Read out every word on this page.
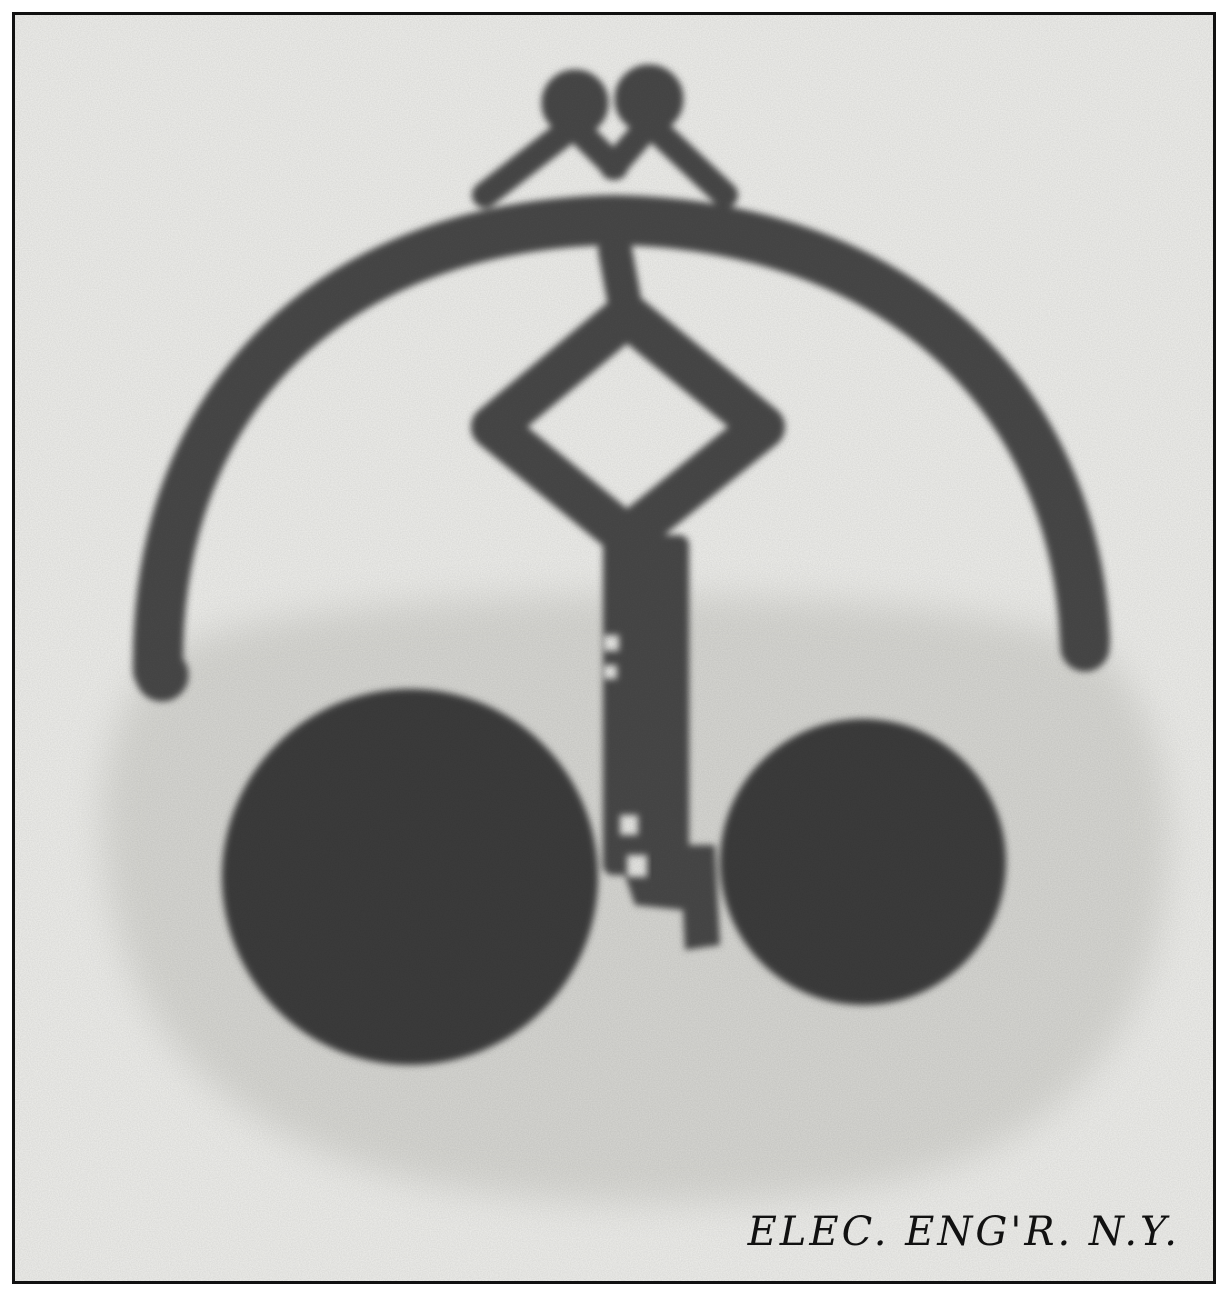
ELEC. ENG'R. N.Y.
